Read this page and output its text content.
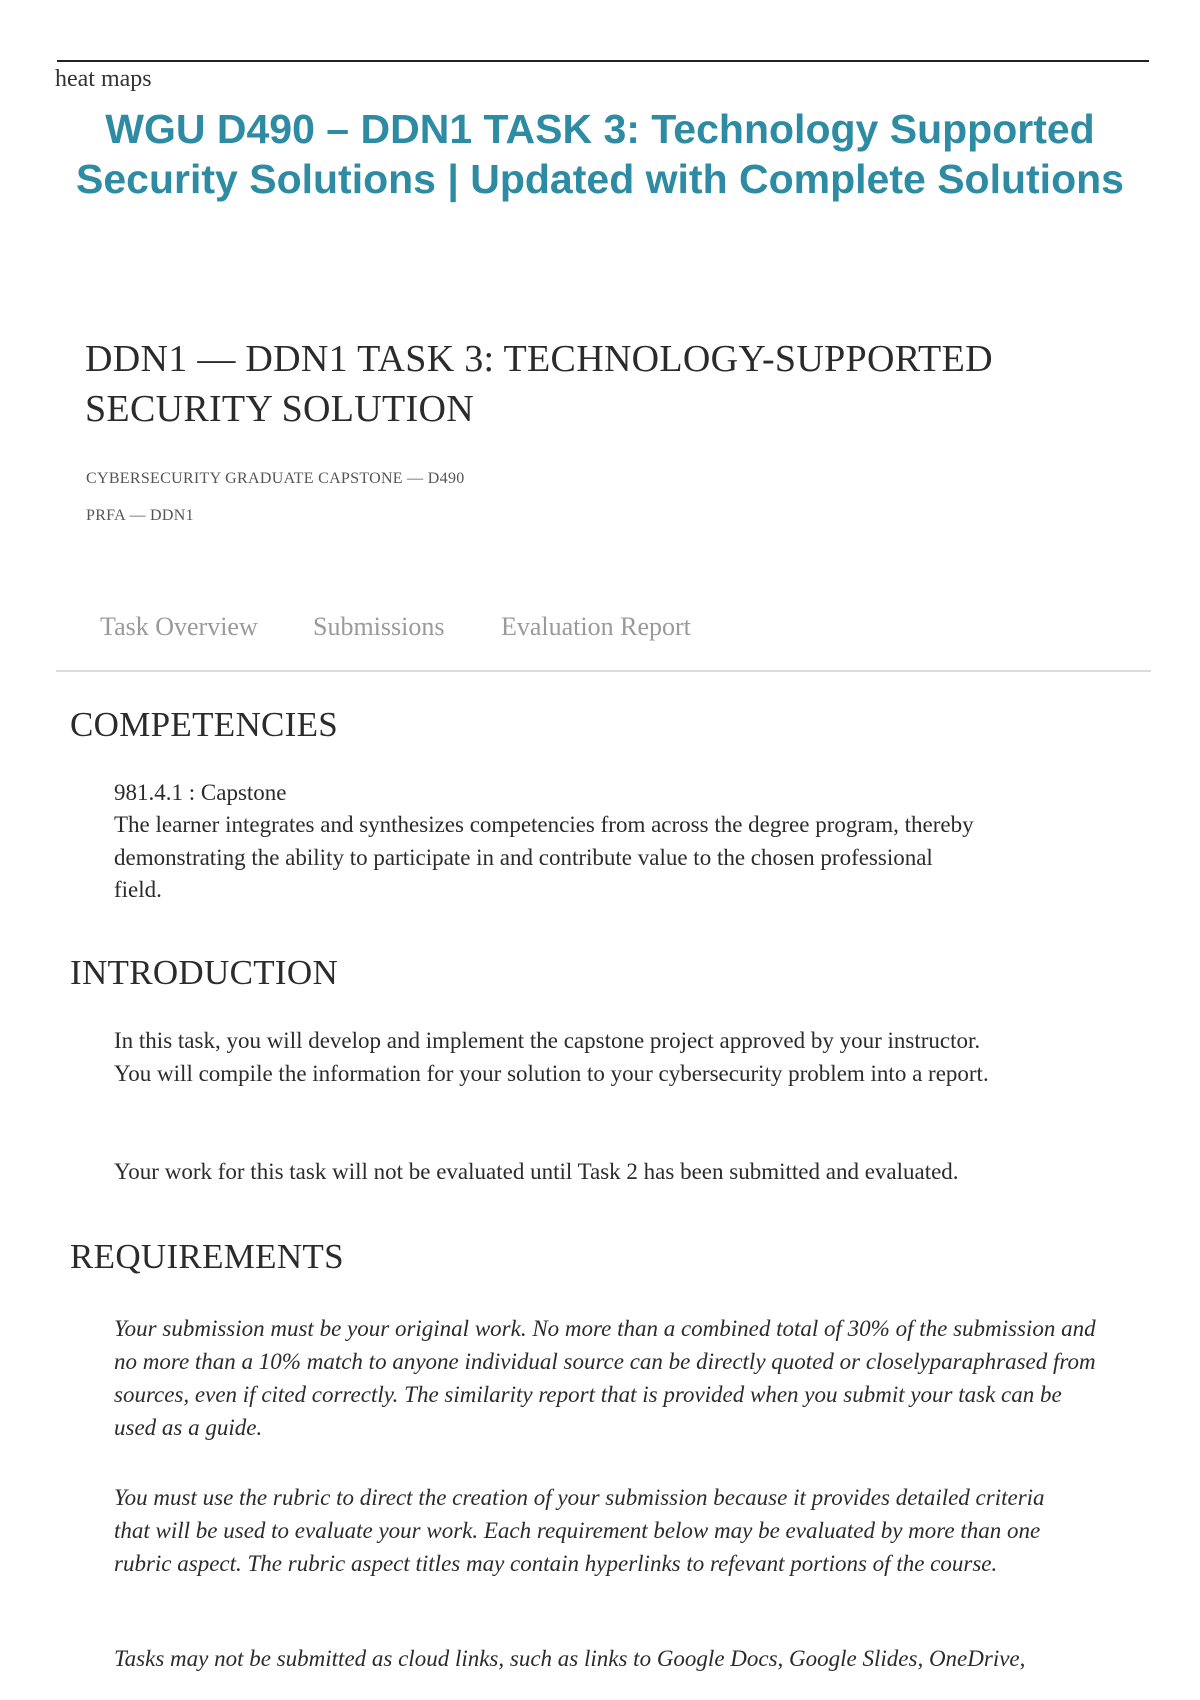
heat maps
WGU D490 – DDN1 TASK 3: Technology Supported Security Solutions | Updated with Complete Solutions
DDN1 — DDN1 TASK 3: TECHNOLOGY-SUPPORTED SECURITY SOLUTION
CYBERSECURITY GRADUATE CAPSTONE — D490
PRFA — DDN1
Task Overview Submissions Evaluation Report
COMPETENCIES

981.4.1 : Capstone

The learner integrates and synthesizes competencies from across the degree program, thereby demonstrating the ability to participate in and contribute value to the chosen professional field.

INTRODUCTION

In this task, you will develop and implement the capstone project approved by your instructor. You will compile the information for your solution to your cybersecurity problem into a report.

Your work for this task will not be evaluated until Task 2 has been submitted and evaluated.

REQUIREMENTS

Your submission must be your original work. No more than a combined total of 30% of the submission and no more than a 10% match to anyone individual source can be directly quoted or closelyparaphrased from sources, even if cited correctly. The similarity report that is provided when you submit your task can be used as a guide.

You must use the rubric to direct the creation of your submission because it provides detailed criteria that will be used to evaluate your work. Each requirement below may be evaluated by more than one rubric aspect. The rubric aspect titles may contain hyperlinks to refevant portions of the course.

Tasks may not be submitted as cloud links, such as links to Google Docs, Google Slides, OneDrive,
